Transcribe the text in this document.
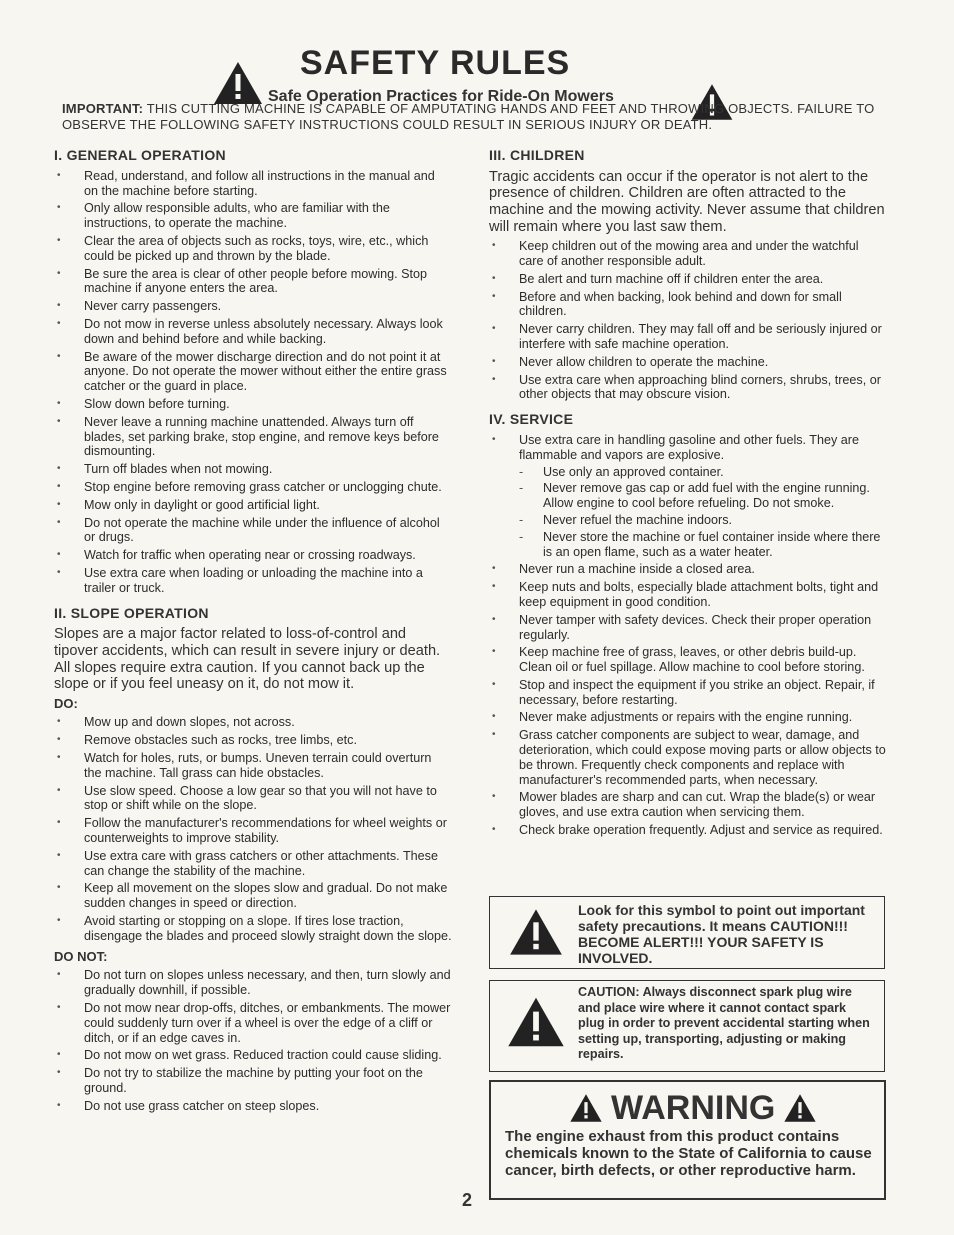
SAFETY RULES
Safe Operation Practices for Ride-On Mowers
IMPORTANT: THIS CUTTING MACHINE IS CAPABLE OF AMPUTATING HANDS AND FEET AND THROWING OBJECTS. FAILURE TO OBSERVE THE FOLLOWING SAFETY INSTRUCTIONS COULD RESULT IN SERIOUS INJURY OR DEATH.
I. GENERAL OPERATION
• Read, understand, and follow all instructions in the manual and on the machine before starting.
• Only allow responsible adults, who are familiar with the instructions, to operate the machine.
• Clear the area of objects such as rocks, toys, wire, etc., which could be picked up and thrown by the blade.
• Be sure the area is clear of other people before mowing. Stop machine if anyone enters the area.
• Never carry passengers.
• Do not mow in reverse unless absolutely necessary. Always look down and behind before and while backing.
• Be aware of the mower discharge direction and do not point it at anyone. Do not operate the mower without either the entire grass catcher or the guard in place.
• Slow down before turning.
• Never leave a running machine unattended. Always turn off blades, set parking brake, stop engine, and remove keys before dismounting.
• Turn off blades when not mowing.
• Stop engine before removing grass catcher or unclogging chute.
• Mow only in daylight or good artificial light.
• Do not operate the machine while under the influence of alcohol or drugs.
• Watch for traffic when operating near or crossing roadways.
• Use extra care when loading or unloading the machine into a trailer or truck.
II. SLOPE OPERATION

Slopes are a major factor related to loss-of-control and tipover accidents, which can result in severe injury or death. All slopes require extra caution. If you cannot back up the slope or if you feel uneasy on it, do not mow it.

DO:
• Mow up and down slopes, not across.
• Remove obstacles such as rocks, tree limbs, etc.
• Watch for holes, ruts, or bumps. Uneven terrain could overturn the machine. Tall grass can hide obstacles.
• Use slow speed. Choose a low gear so that you will not have to stop or shift while on the slope.
• Follow the manufacturer's recommendations for wheel weights or counterweights to improve stability.
• Use extra care with grass catchers or other attachments. These can change the stability of the machine.
• Keep all movement on the slopes slow and gradual. Do not make sudden changes in speed or direction.
• Avoid starting or stopping on a slope. If tires lose traction, disengage the blades and proceed slowly straight down the slope.
DO NOT:
• Do not turn on slopes unless necessary, and then, turn slowly and gradually downhill, if possible.
• Do not mow near drop-offs, ditches, or embankments. The mower could suddenly turn over if a wheel is over the edge of a cliff or ditch, or if an edge caves in.
• Do not mow on wet grass. Reduced traction could cause sliding.
• Do not try to stabilize the machine by putting your foot on the ground.
• Do not use grass catcher on steep slopes.
III. CHILDREN

Tragic accidents can occur if the operator is not alert to the presence of children. Children are often attracted to the machine and the mowing activity. Never assume that children will remain where you last saw them.

• Keep children out of the mowing area and under the watchful care of another responsible adult.
• Be alert and turn machine off if children enter the area.
• Before and when backing, look behind and down for small children.
• Never carry children. They may fall off and be seriously injured or interfere with safe machine operation.
• Never allow children to operate the machine.
• Use extra care when approaching blind corners, shrubs, trees, or other objects that may obscure vision.
IV. SERVICE
• Use extra care in handling gasoline and other fuels. They are flammable and vapors are explosive.
- Use only an approved container.
- Never remove gas cap or add fuel with the engine running. Allow engine to cool before refueling. Do not smoke.
- Never refuel the machine indoors.
- Never store the machine or fuel container inside where there is an open flame, such as a water heater.
• Never run a machine inside a closed area.
• Keep nuts and bolts, especially blade attachment bolts, tight and keep equipment in good condition.
• Never tamper with safety devices. Check their proper operation regularly.
• Keep machine free of grass, leaves, or other debris build-up. Clean oil or fuel spillage. Allow machine to cool before storing.
• Stop and inspect the equipment if you strike an object. Repair, if necessary, before restarting.
• Never make adjustments or repairs with the engine running.
• Grass catcher components are subject to wear, damage, and deterioration, which could expose moving parts or allow objects to be thrown. Frequently check components and replace with manufacturer's recommended parts, when necessary.
• Mower blades are sharp and can cut. Wrap the blade(s) or wear gloves, and use extra caution when servicing them.
• Check brake operation frequently. Adjust and service as required.
Look for this symbol to point out important safety precautions. It means CAUTION!!! BECOME ALERT!!! YOUR SAFETY IS INVOLVED.
CAUTION: Always disconnect spark plug wire and place wire where it cannot contact spark plug in order to prevent accidental starting when setting up, transporting, adjusting or making repairs.
WARNING
The engine exhaust from this product contains chemicals known to the State of California to cause cancer, birth defects, or other reproductive harm.
2
